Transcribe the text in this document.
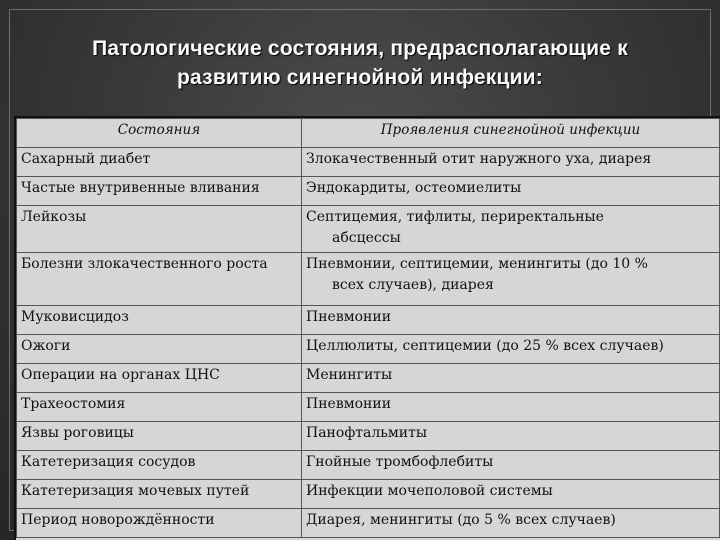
Патологические состояния, предрасполагающие к
развитию синегнойной инфекции:
Состояния	Проявления синегнойной инфекции
Сахарный диабет	Злокачественный отит наружного уха, диарея
Частые внутривенные вливания	Эндокардиты, остеомиелиты
Лейкозы	Септицемия, тифлиты, периректальные
абсцессы

Болезни злокачественного роста	Пневмонии, септицемии, менингиты (до 10 %
всех случаев), диарея

Муковисцидоз	Пневмонии
Ожоги	Целлюлиты, септицемии (до 25 % всех случаев)
Операции на органах ЦНС	Менингиты
Трахеостомия	Пневмонии
Язвы роговицы	Панофтальмиты
Катетеризация сосудов	Гнойные тромбофлебиты
Катетеризация мочевых путей	Инфекции мочеполовой системы
Период новорождённости	Диарея, менингиты (до 5 % всех случаев)
